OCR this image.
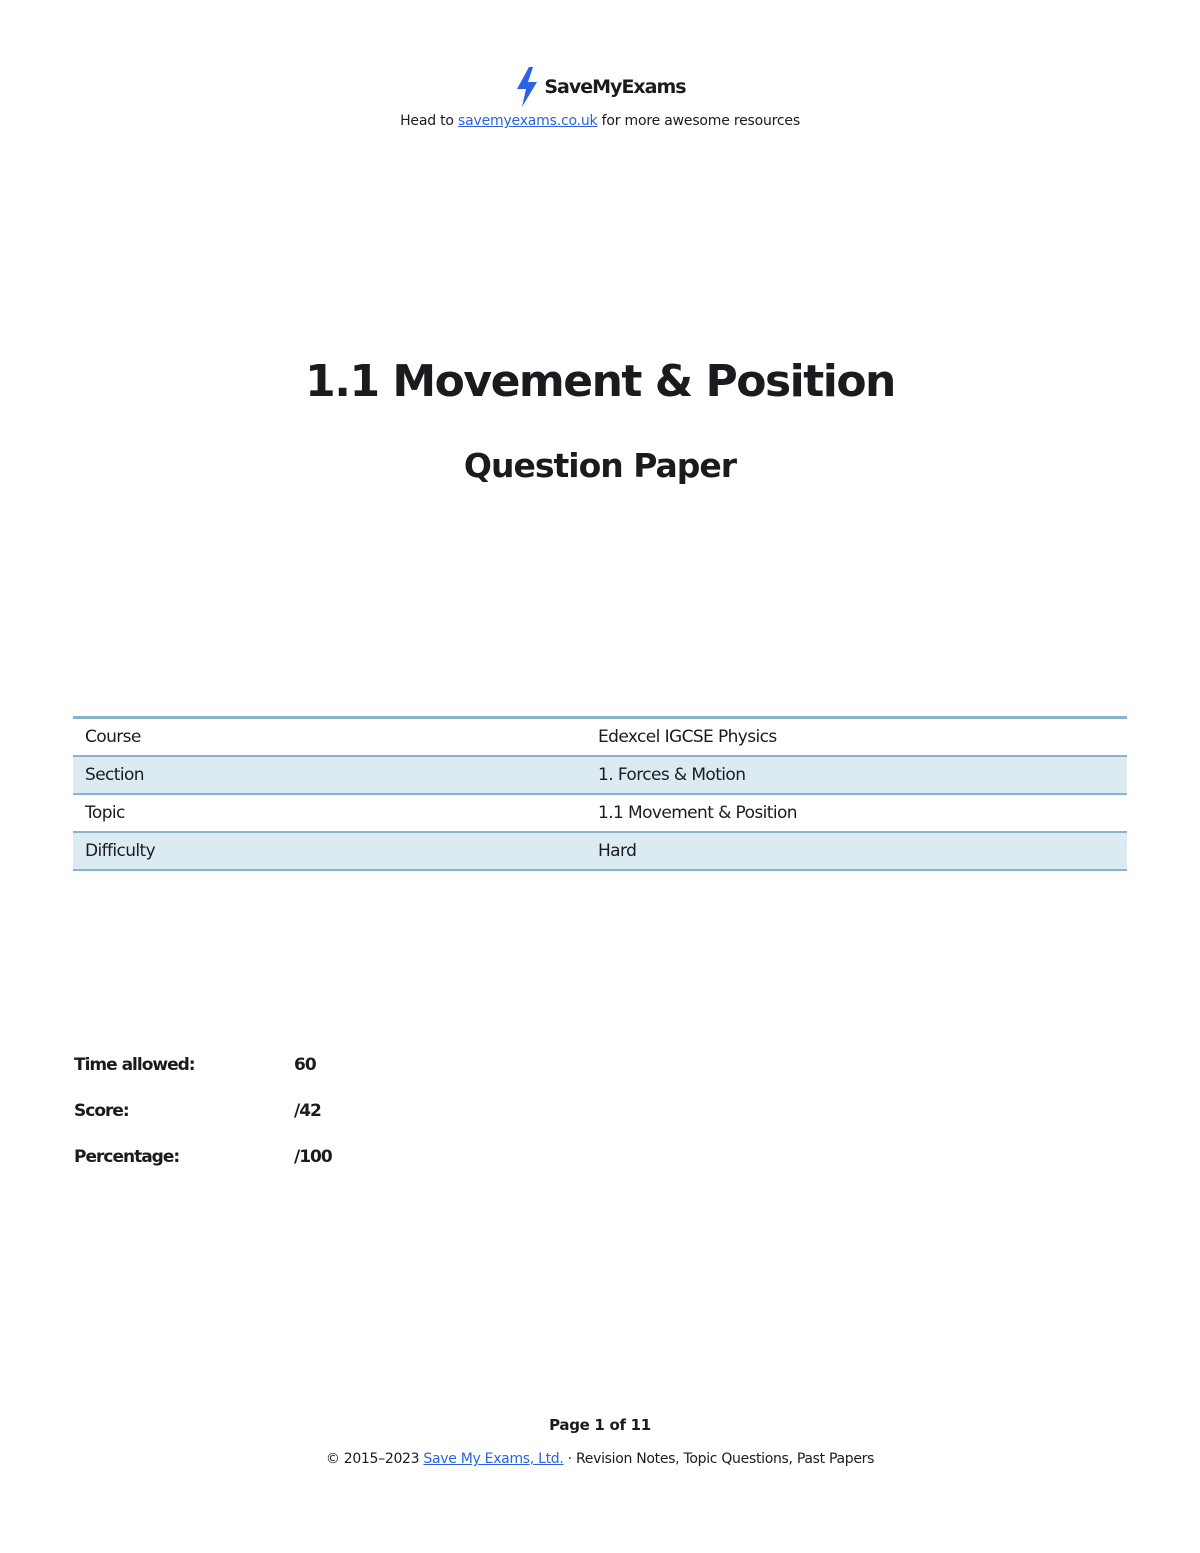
SaveMyExams
Head to savemyexams.co.uk for more awesome resources
1.1 Movement & Position
Question Paper
Course	Edexcel IGCSE Physics
Section	1. Forces & Motion
Topic	1.1 Movement & Position
Difficulty	Hard
Time allowed:	60
Score:	/42
Percentage:	/100
Page 1 of 11
© 2015–2023 Save My Exams, Ltd. · Revision Notes, Topic Questions, Past Papers
